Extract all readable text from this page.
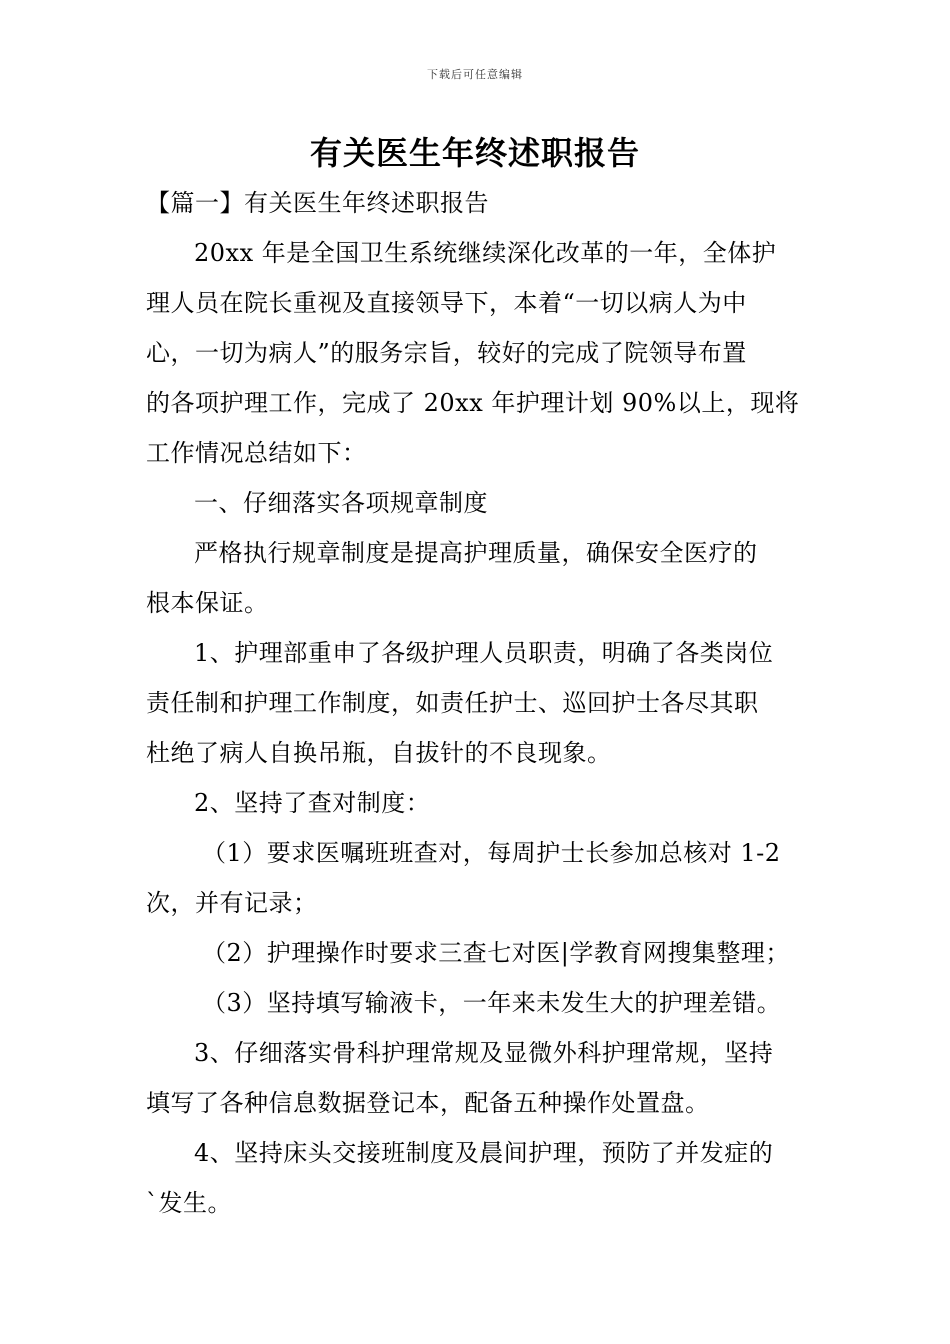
下载后可任意编辑
有关医生年终述职报告
【篇一】有关医生年终述职报告
20xx 年是全国卫生系统继续深化改革的一年，全体护
理人员在院长重视及直接领导下，本着“一切以病人为中
心，一切为病人”的服务宗旨，较好的完成了院领导布置
的各项护理工作，完成了 20xx 年护理计划 90%以上，现将
工作情况总结如下：
一、仔细落实各项规章制度
严格执行规章制度是提高护理质量，确保安全医疗的
根本保证。
1、护理部重申了各级护理人员职责，明确了各类岗位
责任制和护理工作制度，如责任护士、巡回护士各尽其职
杜绝了病人自换吊瓶，自拔针的不良现象。
2、坚持了查对制度：
（1）要求医嘱班班查对，每周护士长参加总核对 1-2
次，并有记录；
（2）护理操作时要求三查七对医|学教育网搜集整理；
（3）坚持填写输液卡，一年来未发生大的护理差错。
3、仔细落实骨科护理常规及显微外科护理常规，坚持
填写了各种信息数据登记本，配备五种操作处置盘。
4、坚持床头交接班制度及晨间护理，预防了并发症的
`发生。
